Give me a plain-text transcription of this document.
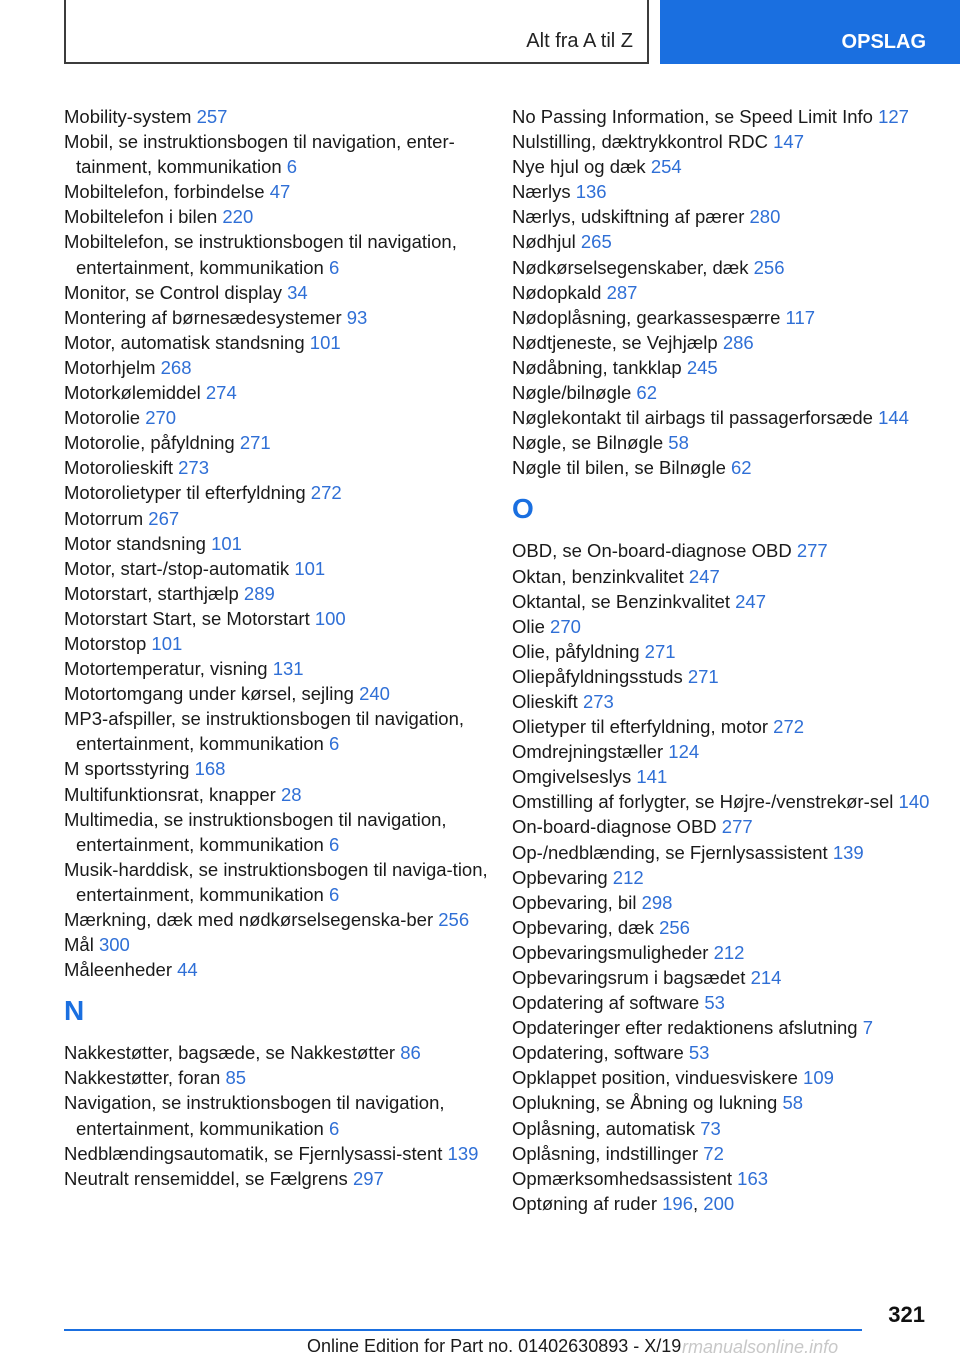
Alt fra A til Z	OPSLAG
Mobility-system 257
Mobil, se instruktionsbogen til navigation, enter-tainment, kommunikation 6
Mobiltelefon, forbindelse 47
Mobiltelefon i bilen 220
Mobiltelefon, se instruktionsbogen til navigation, entertainment, kommunikation 6
Monitor, se Control display 34
Montering af børnesædesystemer 93
Motor, automatisk standsning 101
Motorhjelm 268
Motorkølemiddel 274
Motorolie 270
Motorolie, påfyldning 271
Motorolieskift 273
Motorolietyper til efterfyldning 272
Motorrum 267
Motor standsning 101
Motor, start-/stop-automatik 101
Motorstart, starthjælp 289
Motorstart Start, se Motorstart 100
Motorstop 101
Motortemperatur, visning 131
Motortomgang under kørsel, sejling 240
MP3-afspiller, se instruktionsbogen til navigation, entertainment, kommunikation 6
M sportsstyring 168
Multifunktionsrat, knapper 28
Multimedia, se instruktionsbogen til navigation, entertainment, kommunikation 6
Musik-harddisk, se instruktionsbogen til naviga-tion, entertainment, kommunikation 6
Mærkning, dæk med nødkørselsegenska-ber 256
Mål 300
Måleenheder 44
N
Nakkestøtter, bagsæde, se Nakkestøtter 86
Nakkestøtter, foran 85
Navigation, se instruktionsbogen til navigation, entertainment, kommunikation 6
Nedblændingsautomatik, se Fjernlysassi-stent 139
Neutralt rensemiddel, se Fælgrens 297
No Passing Information, se Speed Limit Info 127
Nulstilling, dæktrykkontrol RDC 147
Nye hjul og dæk 254
Nærlys 136
Nærlys, udskiftning af pærer 280
Nødhjul 265
Nødkørselsegenskaber, dæk 256
Nødopkald 287
Nødoplåsning, gearkassespærre 117
Nødtjeneste, se Vejhjælp 286
Nødåbning, tankklap 245
Nøgle/bilnøgle 62
Nøglekontakt til airbags til passagerforsæde 144
Nøgle, se Bilnøgle 58
Nøgle til bilen, se Bilnøgle 62
O
OBD, se On-board-diagnose OBD 277
Oktan, benzinkvalitet 247
Oktantal, se Benzinkvalitet 247
Olie 270
Olie, påfyldning 271
Oliepåfyldningsstuds 271
Olieskift 273
Olietyper til efterfyldning, motor 272
Omdrejningstæller 124
Omgivelseslys 141
Omstilling af forlygter, se Højre-/venstrekør-sel 140
On-board-diagnose OBD 277
Op-/nedblænding, se Fjernlysassistent 139
Opbevaring 212
Opbevaring, bil 298
Opbevaring, dæk 256
Opbevaringsmuligheder 212
Opbevaringsrum i bagsædet 214
Opdatering af software 53
Opdateringer efter redaktionens afslutning 7
Opdatering, software 53
Opklappet position, vinduesviskere 109
Oplukning, se Åbning og lukning 58
Oplåsning, automatisk 73
Oplåsning, indstillinger 72
Opmærksomhedsassistent 163
Optøning af ruder 196, 200
321
Online Edition for Part no. 01402630893 - X/19 rmanualsonline.info
